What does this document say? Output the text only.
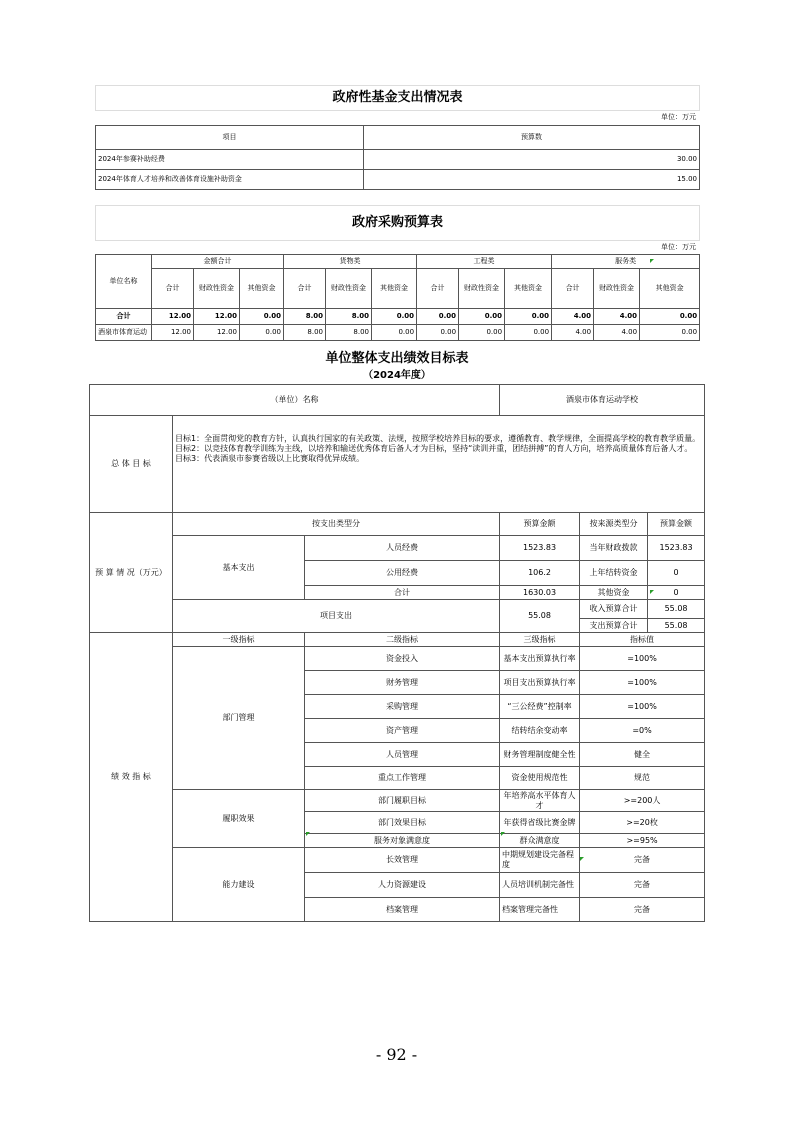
政府性基金支出情况表
单位：万元
项目	预算数
2024年参赛补助经费	30.00
2024年体育人才培养和改善体育设施补助资金	15.00
政府采购预算表
单位：万元
单位名称	金额合计			货物类			工程类			服务类		
	合计	财政性资金	其他资金	合计	财政性资金	其他资金	合计	财政性资金	其他资金	合计	财政性资金	其他资金
合计	12.00	12.00	0.00	8.00	8.00	0.00	0.00	0.00	0.00	4.00	4.00	0.00
酒泉市体育运动	12.00	12.00	0.00	8.00	8.00	0.00	0.00	0.00	0.00	4.00	4.00	0.00
单位整体支出绩效目标表
（2024年度）
（单位）名称			酒泉市体育运动学校		
总 体 目 标	目标1：全面贯彻党的教育方针，认真执行国家的有关政策、法规，按照学校培养目标的要求，遵循教育、教学规律，全面提高学校的教育教学质量。
目标2：以竞技体育教学训练为主线，以培养和输送优秀体育后备人才为目标，坚持“读训并重，团结拼搏”的育人方向，培养高质量体育后备人才。
目标3：代表酒泉市参赛省级以上比赛取得优异成绩。				
预 算 情 况（万元）	按支出类型分		预算金额	按来源类型分	预算金额
	基本支出	人员经费	1523.83	当年财政拨款	1523.83
		公用经费	106.2	上年结转资金	0
		合计	1630.03	其他资金	0
	项目支出		55.08	收入预算合计	55.08
				支出预算合计	55.08
绩 效 指 标	一级指标	二级指标	三级指标	指标值	
	部门管理	资金投入	基本支出预算执行率	=100%	
		财务管理	项目支出预算执行率	=100%	
		采购管理	“三公经费”控制率	=100%	
		资产管理	结转结余变动率	=0%	
		人员管理	财务管理制度健全性	健全	
		重点工作管理	资金使用规范性	规范	
	履职效果	部门履职目标	年培养高水平体育人才	>=200人	
		部门效果目标	年获得省级比赛金牌	>=20枚	
		服务对象满意度	群众满意度	>=95%	
	能力建设	长效管理	中期规划建设完备程度	完备	
		人力资源建设	人员培训机制完备性	完备	
		档案管理	档案管理完备性	完备	
- 92 -
